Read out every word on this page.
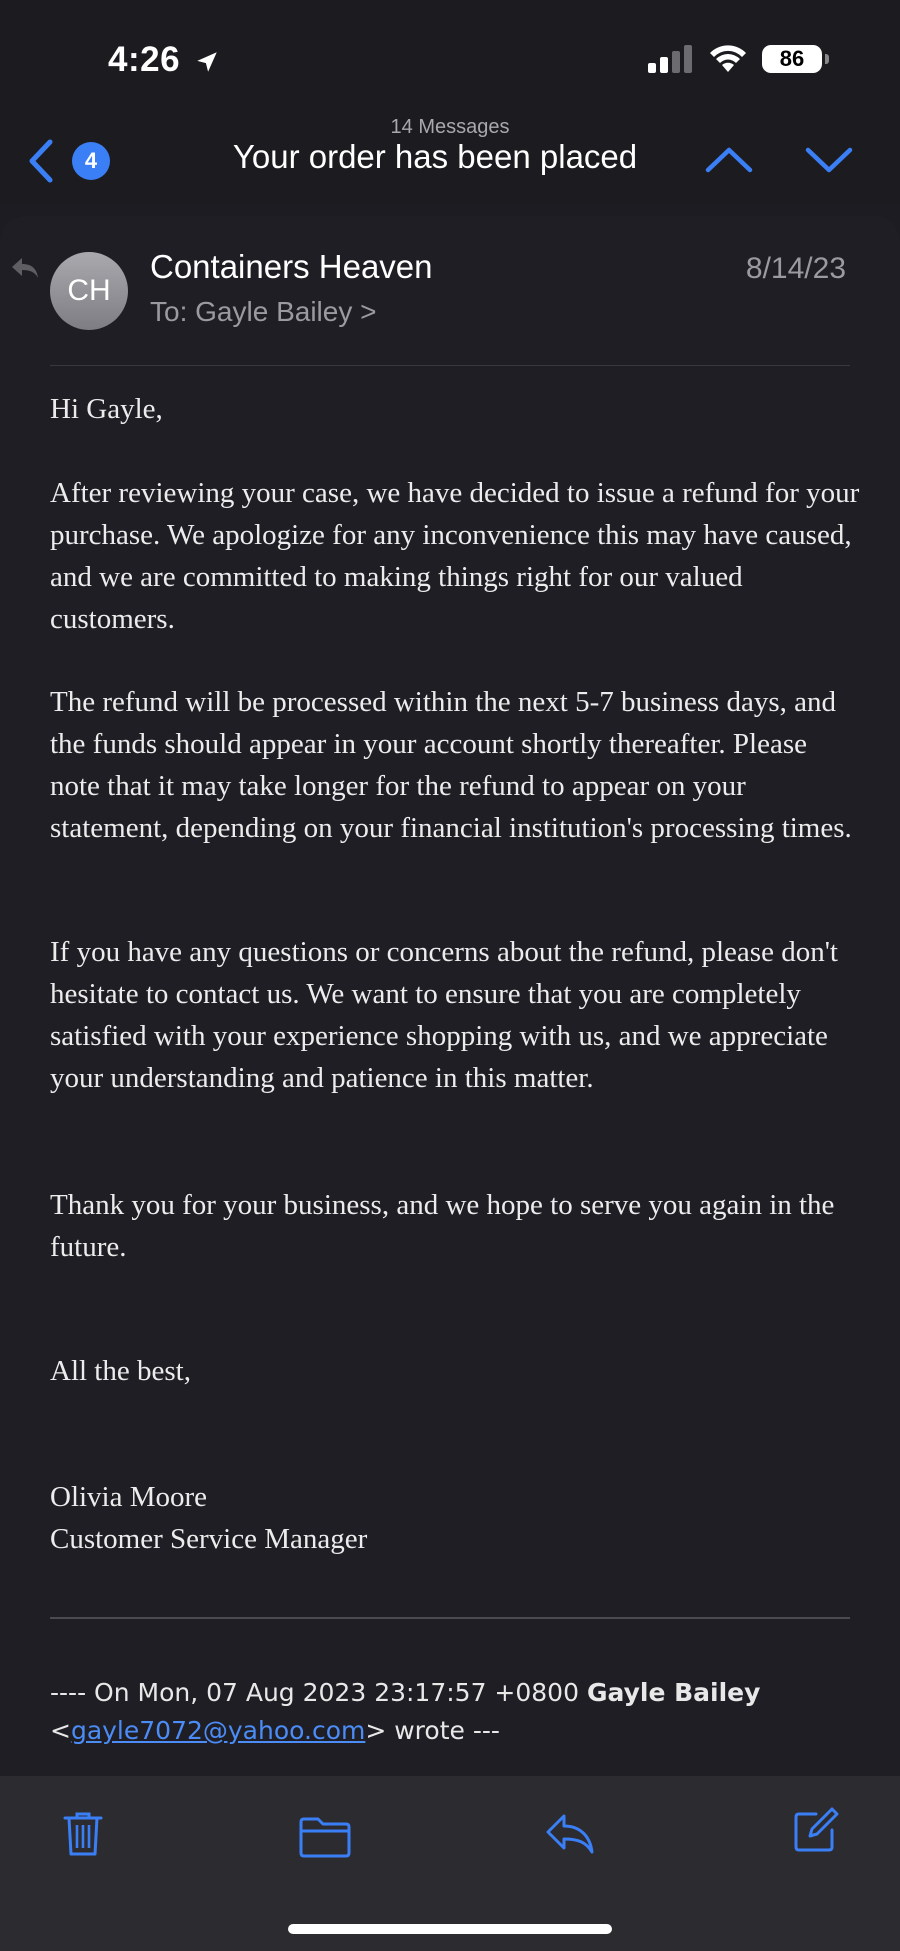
4:26	86
4
14 Messages
Your order has been placed
CH
Containers Heaven
To: Gayle Bailey >
8/14/23

Hi Gayle,

After reviewing your case, we have decided to issue a refund for your purchase. We apologize for any inconvenience this may have caused, and we are committed to making things right for our valued customers.

The refund will be processed within the next 5-7 business days, and the funds should appear in your account shortly thereafter. Please note that it may take longer for the refund to appear on your statement, depending on your financial institution's processing times.

If you have any questions or concerns about the refund, please don't hesitate to contact us. We want to ensure that you are completely satisfied with your experience shopping with us, and we appreciate your understanding and patience in this matter.

Thank you for your business, and we hope to serve you again in the future.

All the best,

Olivia Moore

Customer Service Manager

---- On Mon, 07 Aug 2023 23:17:57 +0800 Gayle Bailey
<gayle7072@yahoo.com> wrote ---
